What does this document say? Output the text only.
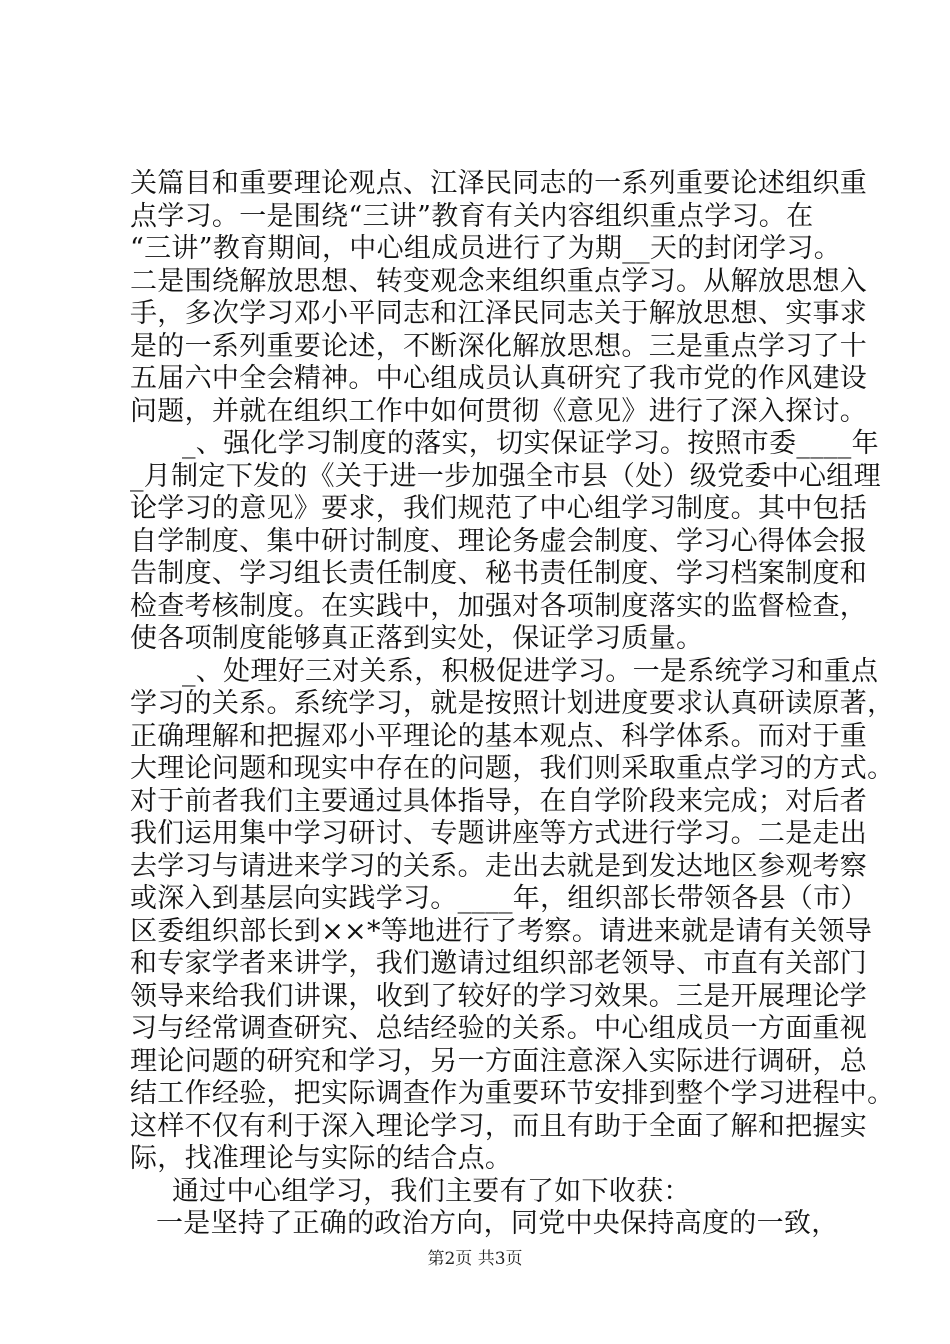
关篇目和重要理论观点、江泽民同志的一系列重要论述组织重
点学习。一是围绕“三讲”教育有关内容组织重点学习。在
“三讲”教育期间，中心组成员进行了为期__天的封闭学习。
二是围绕解放思想、转变观念来组织重点学习。从解放思想入
手，多次学习邓小平同志和江泽民同志关于解放思想、实事求
是的一系列重要论述，不断深化解放思想。三是重点学习了十
五届六中全会精神。中心组成员认真研究了我市党的作风建设
问题，并就在组织工作中如何贯彻《意见》进行了深入探讨。
_、强化学习制度的落实，切实保证学习。按照市委____年
_月制定下发的《关于进一步加强全市县（处）级党委中心组理
论学习的意见》要求，我们规范了中心组学习制度。其中包括
自学制度、集中研讨制度、理论务虚会制度、学习心得体会报
告制度、学习组长责任制度、秘书责任制度、学习档案制度和
检查考核制度。在实践中，加强对各项制度落实的监督检查，
使各项制度能够真正落到实处，保证学习质量。
_、处理好三对关系，积极促进学习。一是系统学习和重点
学习的关系。系统学习，就是按照计划进度要求认真研读原著，
正确理解和把握邓小平理论的基本观点、科学体系。而对于重
大理论问题和现实中存在的问题，我们则采取重点学习的方式。
对于前者我们主要通过具体指导，在自学阶段来完成；对后者
我们运用集中学习研讨、专题讲座等方式进行学习。二是走出
去学习与请进来学习的关系。走出去就是到发达地区参观考察
或深入到基层向实践学习。____年，组织部长带领各县（市）
区委组织部长到××*等地进行了考察。请进来就是请有关领导
和专家学者来讲学，我们邀请过组织部老领导、市直有关部门
领导来给我们讲课，收到了较好的学习效果。三是开展理论学
习与经常调查研究、总结经验的关系。中心组成员一方面重视
理论问题的研究和学习，另一方面注意深入实际进行调研，总
结工作经验，把实际调查作为重要环节安排到整个学习进程中。
这样不仅有利于深入理论学习，而且有助于全面了解和把握实
际，找准理论与实际的结合点。
通过中心组学习，我们主要有了如下收获：
一是坚持了正确的政治方向，同党中央保持高度的一致，
第2页 共3页
